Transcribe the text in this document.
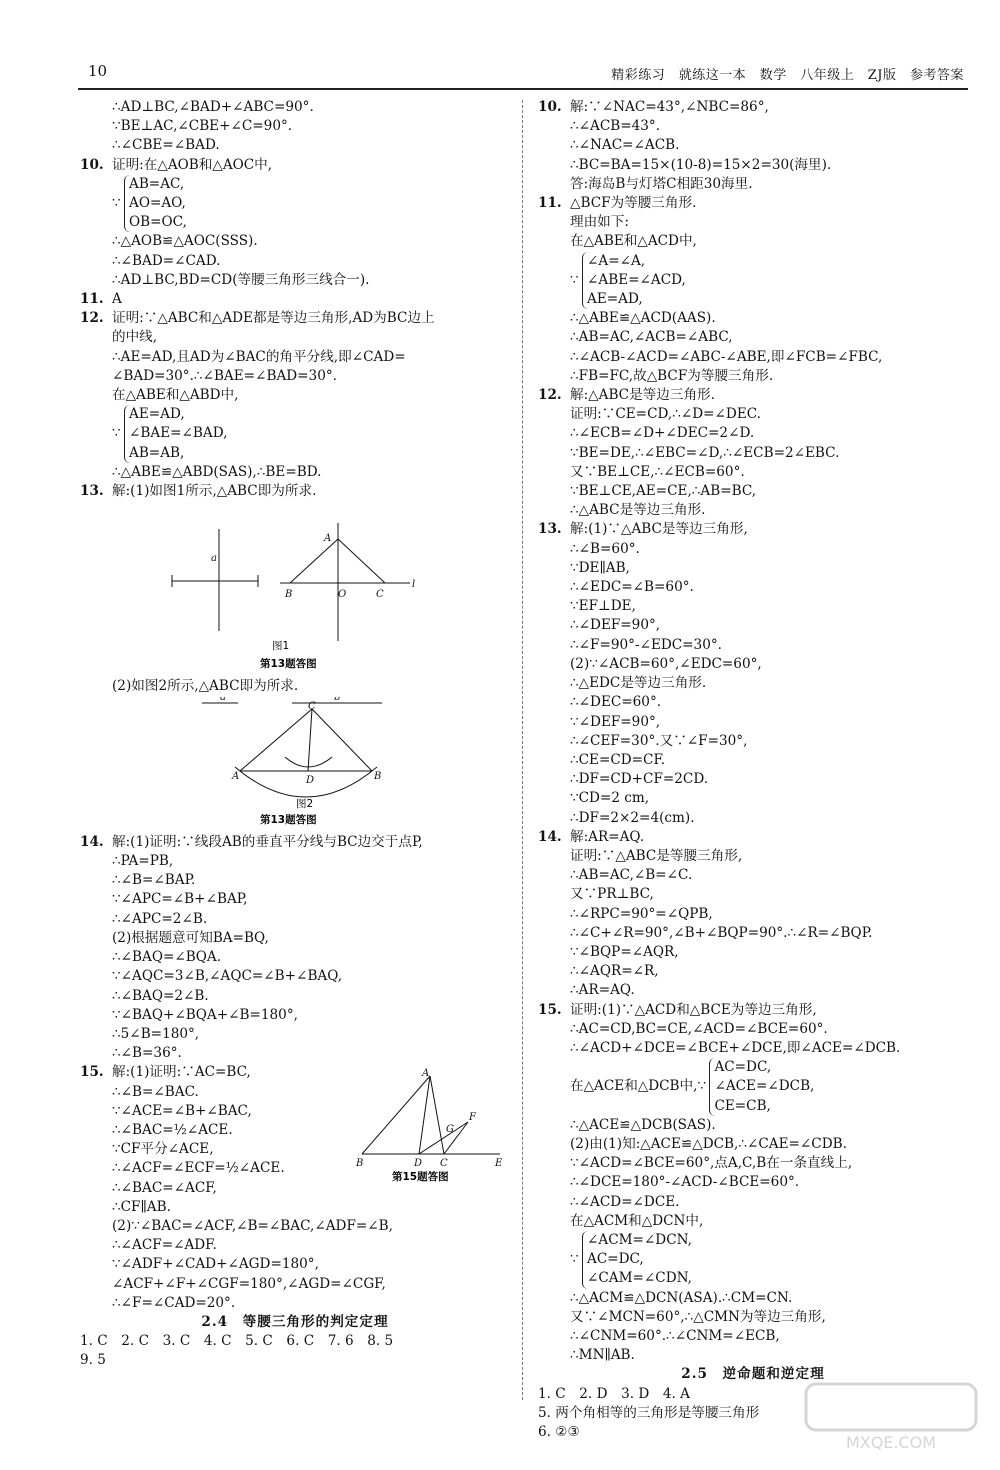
10	精彩练习　就练这一本　数学　八年级上　ZJ版　参考答案
∴AD⊥BC,∠BAD+∠ABC=90°.
∵BE⊥AC,∠CBE+∠C=90°.
∴∠CBE=∠BAD.
10. 证明:在△AOB和△AOC中,
∵
AB=AC,
AO=AO,
OB=OC,
∴△AOB≌△AOC(SSS).
∴∠BAD=∠CAD.
∴AD⊥BC,BD=CD(等腰三角形三线合一).
11. A
12. 证明:∵△ABC和△ADE都是等边三角形,AD为BC边上
的中线,
∴AE=AD,且AD为∠BAC的角平分线,即∠CAD=
∠BAD=30°.∴∠BAE=∠BAD=30°.
在△ABE和△ABD中,
∵
AE=AD,
∠BAE=∠BAD,
AB=AB,
∴△ABE≌△ABD(SAS),∴BE=BD.
13. 解:(1)如图1所示,△ABC即为所求.
a
A
B	O	C
l
图1
第13题答图
(2)如图2所示,△ABC即为所求.
a	b
C
A	B
D
图2
第13题答图
14. 解:(1)证明:∵线段AB的垂直平分线与BC边交于点P,
∴PA=PB,
∴∠B=∠BAP.
∵∠APC=∠B+∠BAP,
∴∠APC=2∠B.
(2)根据题意可知BA=BQ,
∴∠BAQ=∠BQA.
∵∠AQC=3∠B,∠AQC=∠B+∠BAQ,
∴∠BAQ=2∠B.
∵∠BAQ+∠BQA+∠B=180°,
∴5∠B=180°,
∴∠B=36°.
15. 解:(1)证明:∵AC=BC,
∴∠B=∠BAC.
∵∠ACE=∠B+∠BAC,
∴∠BAC=½∠ACE.
∵CF平分∠ACE,
∴∠ACF=∠ECF=½∠ACE.
∴∠BAC=∠ACF,
∴CF∥AB.
(2)∵∠BAC=∠ACF,∠B=∠BAC,∠ADF=∠B,
∴∠ACF=∠ADF.
∵∠ADF+∠CAD+∠AGD=180°,
∠ACF+∠F+∠CGF=180°,∠AGD=∠CGF,
∴∠F=∠CAD=20°.
2.4　等腰三角形的判定定理
1. C　2. C　3. C　4. C　5. C　6. C　7. 6　8. 5
9. 5
10. 解:∵∠NAC=43°,∠NBC=86°,
∴∠ACB=43°.
∴∠NAC=∠ACB.
∴BC=BA=15×(10-8)=15×2=30(海里).
答:海岛B与灯塔C相距30海里.
11. △BCF为等腰三角形.
理由如下:
在△ABE和△ACD中,
∵
∠A=∠A,
∠ABE=∠ACD,
AE=AD,
∴△ABE≌△ACD(AAS).
∴AB=AC,∠ACB=∠ABC,
∴∠ACB-∠ACD=∠ABC-∠ABE,即∠FCB=∠FBC,
∴FB=FC,故△BCF为等腰三角形.
12. 解:△ABC是等边三角形.
证明:∵CE=CD,∴∠D=∠DEC.
∴∠ECB=∠D+∠DEC=2∠D.
∵BE=DE,∴∠EBC=∠D,∴∠ECB=2∠EBC.
又∵BE⊥CE,∴∠ECB=60°.
∵BE⊥CE,AE=CE,∴AB=BC,
∴△ABC是等边三角形.
13. 解:(1)∵△ABC是等边三角形,
∴∠B=60°.
∵DE∥AB,
∴∠EDC=∠B=60°.
∵EF⊥DE,
∴∠DEF=90°,
∴∠F=90°-∠EDC=30°.
(2)∵∠ACB=60°,∠EDC=60°,
∴△EDC是等边三角形.
∴∠DEC=60°.
∵∠DEF=90°,
∴∠CEF=30°.又∵∠F=30°,
∴CE=CD=CF.
∴DF=CD+CF=2CD.
∵CD=2 cm,
∴DF=2×2=4(cm).
14. 解:AR=AQ.
证明:∵△ABC是等腰三角形,
∴AB=AC,∠B=∠C.
又∵PR⊥BC,
∴∠RPC=90°=∠QPB,
∴∠C+∠R=90°,∠B+∠BQP=90°.∴∠R=∠BQP.
∵∠BQP=∠AQR,
∴∠AQR=∠R,
∴AR=AQ.
15. 证明:(1)∵△ACD和△BCE为等边三角形,
∴AC=CD,BC=CE,∠ACD=∠BCE=60°.
∴∠ACD+∠DCE=∠BCE+∠DCE,即∠ACE=∠DCB.
在△ACE和△DCB中, ∵
AC=DC,
∠ACE=∠DCB,
CE=CB,
∴△ACE≌△DCB(SAS).
(2)由(1)知:△ACE≌△DCB,∴∠CAE=∠CDB.
∵∠ACD=∠BCE=60°,点A,C,B在一条直线上,
∴∠DCE=180°-∠ACD-∠BCE=60°.
∴∠ACD=∠DCE.
在△ACM和△DCN中,
∵
∠ACM=∠DCN,
AC=DC,
∠CAM=∠CDN,
∴△ACM≌△DCN(ASA).∴CM=CN.
又∵∠MCN=60°,∴△CMN为等边三角形,
∴∠CNM=60°.∴∠CNM=∠ECB,
∴MN∥AB.
2.5　逆命题和逆定理
1. C　2. D　3. D　4. A
5. 两个角相等的三角形是等腰三角形
6. ②③
A
B	D C	E
F
G
第15题答图
MXQE.COM
